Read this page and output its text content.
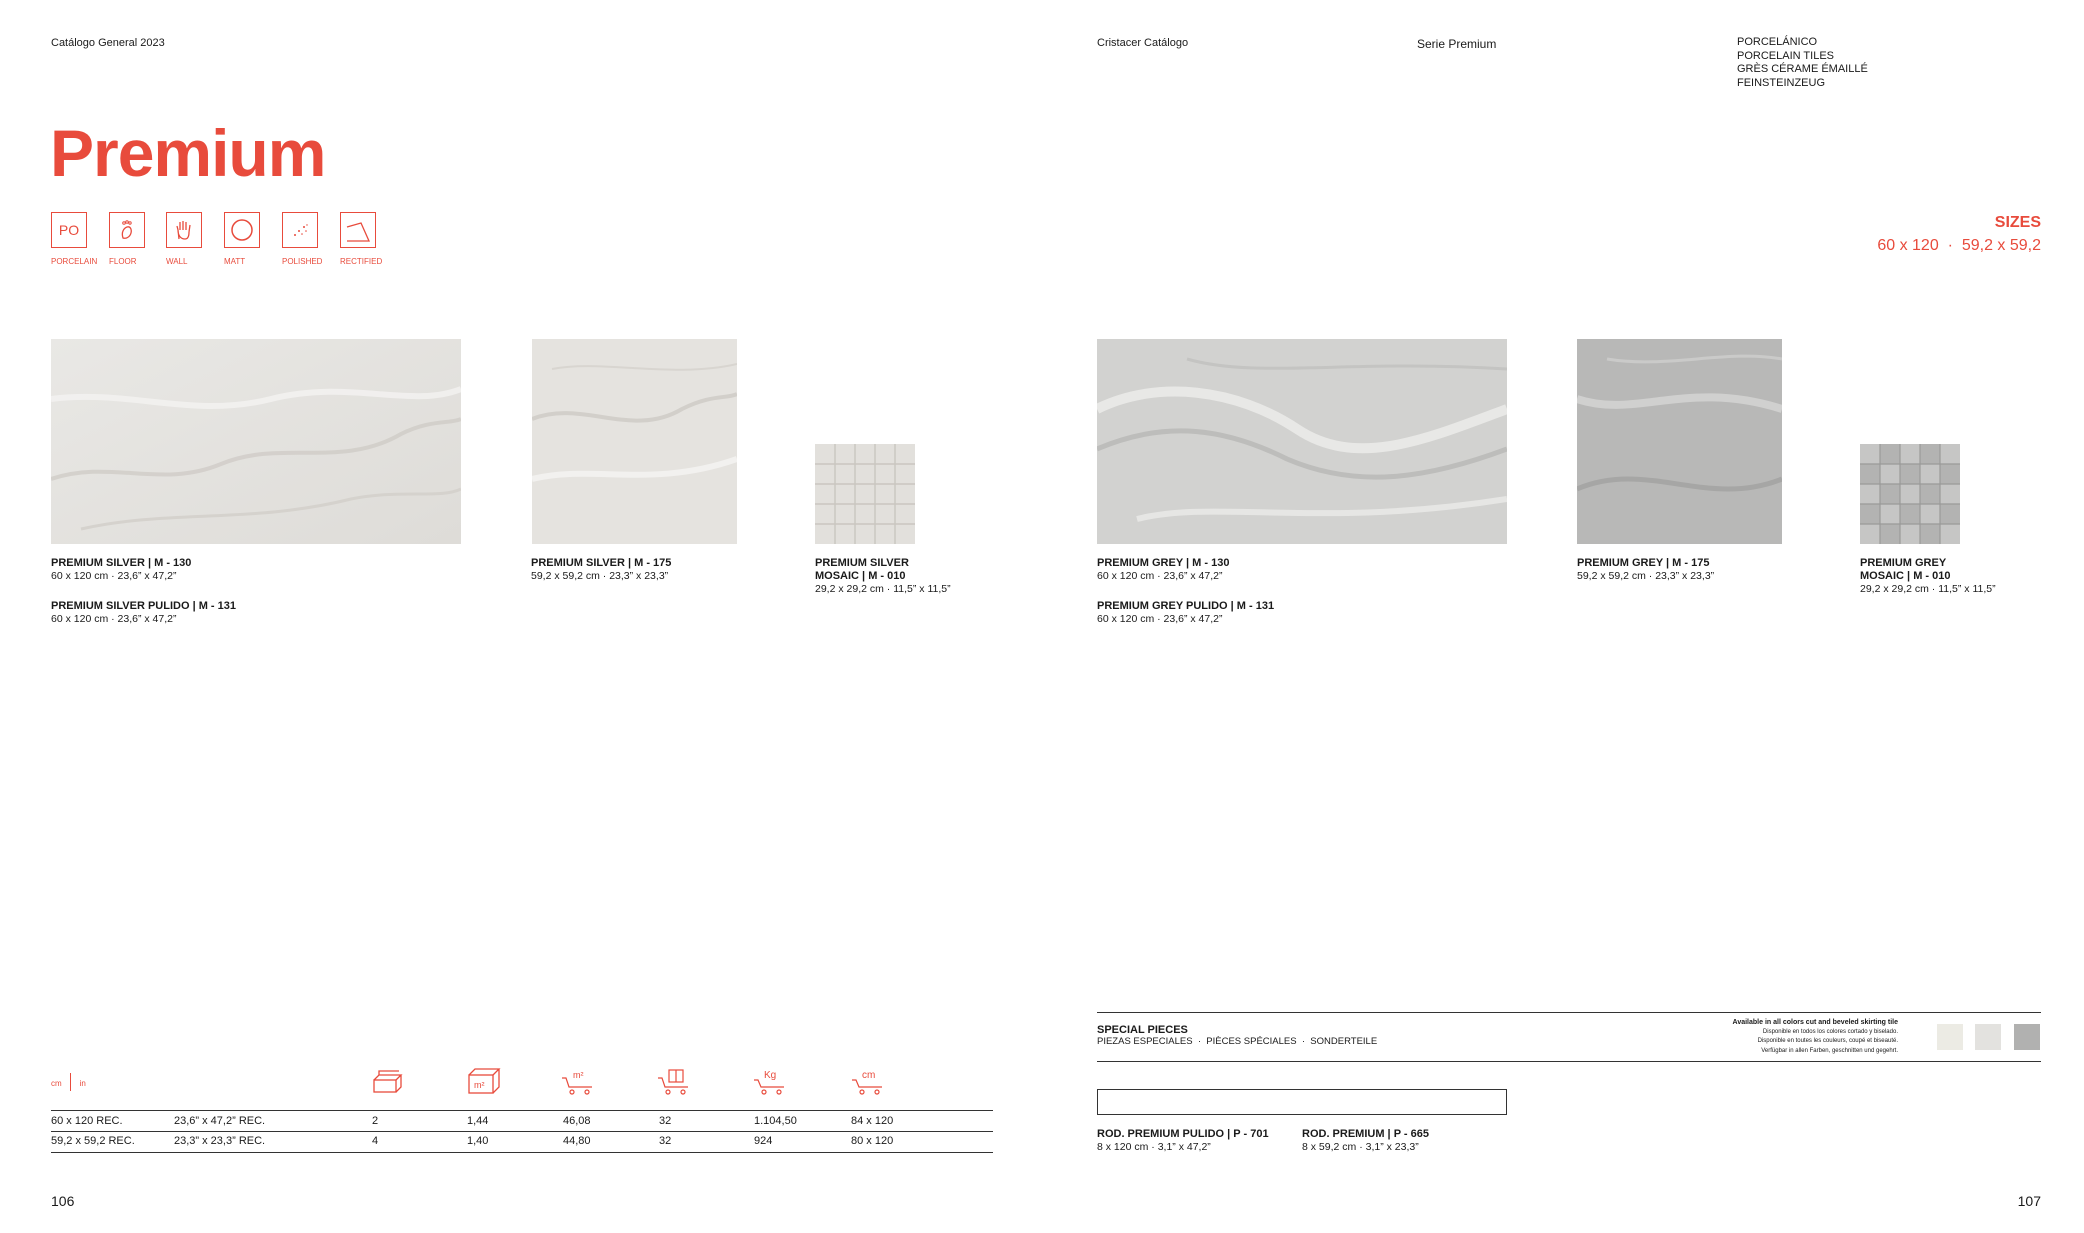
Catálogo General 2023
Premium
PO
PORCELAIN FLOOR	WALL	MATT	POLISHED RECTIFIED
PREMIUM SILVER | M - 130
60 x 120 cm · 23,6” x 47,2”
PREMIUM SILVER PULIDO | M - 131
60 x 120 cm · 23,6” x 47,2”
PREMIUM SILVER | M - 175
59,2 x 59,2 cm · 23,3” x 23,3”
PREMIUM SILVER
MOSAIC | M - 010
29,2 x 29,2 cm · 11,5” x 11,5”
cm in	m²
m²	Kg	cm
60 x 120 REC.	23,6” x 47,2” REC.	2	1,44	46,08	32	1.104,50	84 x 120
59,2 x 59,2 REC.	23,3” x 23,3” REC.	4	1,40	44,80	32	924	80 x 120
106
Cristacer Catálogo	Serie Premium	PORCELÁNICO
PORCELAIN TILES
GRÈS CÉRAME ÉMAILLÉ
FEINSTEINZEUG
SIZES
60 x 120  ·  59,2 x 59,2
PREMIUM GREY | M - 130
60 x 120 cm · 23,6” x 47,2”
PREMIUM GREY PULIDO | M - 131
60 x 120 cm · 23,6” x 47,2”
PREMIUM GREY | M - 175
59,2 x 59,2 cm · 23,3” x 23,3”
PREMIUM GREY
MOSAIC | M - 010
29,2 x 29,2 cm · 11,5” x 11,5”
SPECIAL PIECES
PIEZAS ESPECIALES  ·  PIÈCES SPÉCIALES  ·  SONDERTEILE
Available in all colors cut and beveled skirting tile
Disponible en todos los colores cortado y biselado.
Disponible en toutes les couleurs, coupé et biseauté.
Verfügbar in allen Farben, geschnitten und gegehrt.
ROD. PREMIUM PULIDO | P - 701
8 x 120 cm · 3,1” x 47,2”
ROD. PREMIUM | P - 665
8 x 59,2 cm · 3,1” x 23,3”
107
